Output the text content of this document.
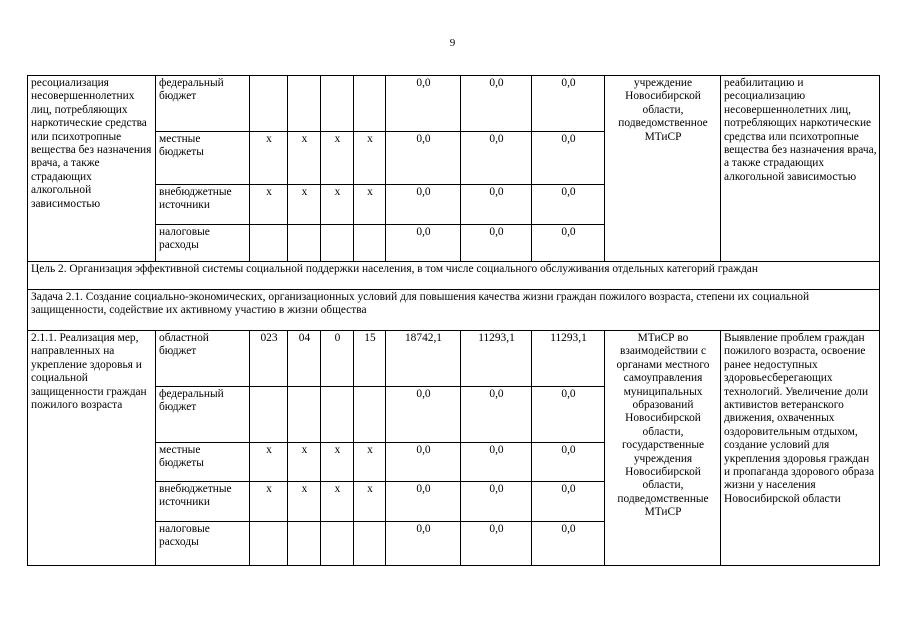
9
ресоциализация несовершеннолетних лиц, потребляющих наркотические средства или психотропные вещества без назначения врача, а также страдающих алкогольной зависимостью	федеральный бюджет					0,0	0,0	0,0	учреждение Новосибирской области, подведомственное МТиСР	реабилитацию и ресоциализацию несовершеннолетних лиц, потребляющих наркотические средства или психотропные вещества без назначения врача, а также страдающих алкогольной зависимостью
	местные бюджеты	х	х	х	х	0,0	0,0	0,0		
	внебюджетные источники	х	х	х	х	0,0	0,0	0,0		
	налоговые расходы					0,0	0,0	0,0		
Цель 2. Организация эффективной системы социальной поддержки населения, в том числе социального обслуживания отдельных категорий граждан										
Задача 2.1. Создание социально-экономических, организационных условий для повышения качества жизни граждан пожилого возраста, степени их социальной защищенности, содействие их активному участию в жизни общества										
2.1.1. Реализация мер, направленных на укрепление здоровья и социальной защищенности граждан пожилого возраста	областной бюджет	023	04	0	15	18742,1	11293,1	11293,1	МТиСР во взаимодействии с органами местного самоуправления муниципальных образований Новосибирской области, государственные учреждения Новосибирской области, подведомственные МТиСР	Выявление проблем граждан пожилого возраста, освоение ранее недоступных здоровьесберегающих технологий. Увеличение доли активистов ветеранского движения, охваченных оздоровительным отдыхом, создание условий для укрепления здоровья граждан и пропаганда здорового образа жизни у населения Новосибирской области
	федеральный бюджет					0,0	0,0	0,0		
	местные бюджеты	х	х	х	х	0,0	0,0	0,0		
	внебюджетные источники	х	х	х	х	0,0	0,0	0,0		
	налоговые расходы					0,0	0,0	0,0		
